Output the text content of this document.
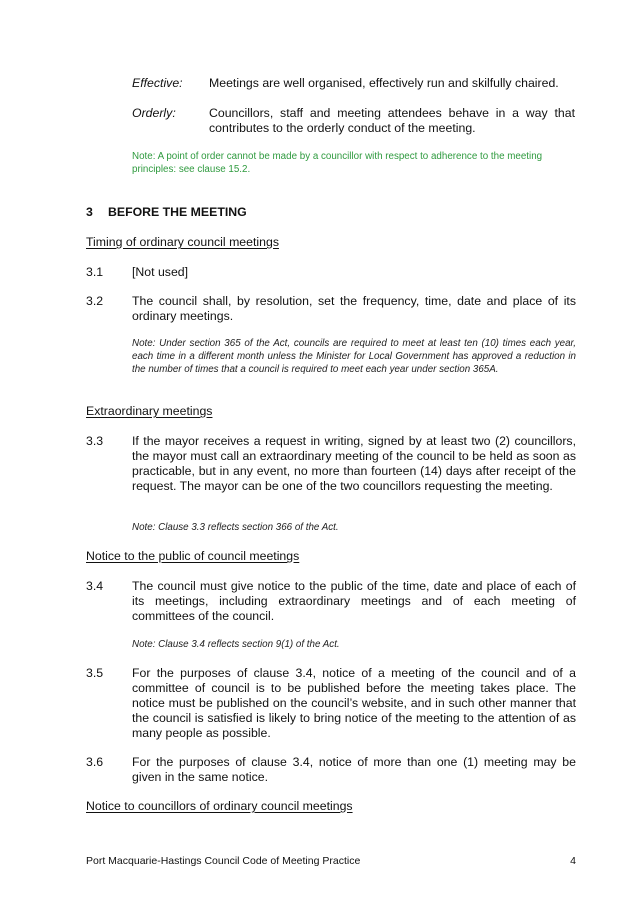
Effective:	Meetings are well organised, effectively run and skilfully chaired.
Orderly:	Councillors, staff and meeting attendees behave in a way that contributes to the orderly conduct of the meeting.
Note: A point of order cannot be made by a councillor with respect to adherence to the meeting principles: see clause 15.2.
3 BEFORE THE MEETING
Timing of ordinary council meetings
3.1 [Not used]
3.2 The council shall, by resolution, set the frequency, time, date and place of its ordinary meetings.
Note: Under section 365 of the Act, councils are required to meet at least ten (10) times each year, each time in a different month unless the Minister for Local Government has approved a reduction in the number of times that a council is required to meet each year under section 365A.
Extraordinary meetings
3.3 If the mayor receives a request in writing, signed by at least two (2) councillors, the mayor must call an extraordinary meeting of the council to be held as soon as practicable, but in any event, no more than fourteen (14) days after receipt of the request. The mayor can be one of the two councillors requesting the meeting.
Note: Clause 3.3 reflects section 366 of the Act.
Notice to the public of council meetings
3.4 The council must give notice to the public of the time, date and place of each of its meetings, including extraordinary meetings and of each meeting of committees of the council.
Note: Clause 3.4 reflects section 9(1) of the Act.
3.5 For the purposes of clause 3.4, notice of a meeting of the council and of a committee of council is to be published before the meeting takes place. The notice must be published on the council’s website, and in such other manner that the council is satisfied is likely to bring notice of the meeting to the attention of as many people as possible.
3.6 For the purposes of clause 3.4, notice of more than one (1) meeting may be given in the same notice.
Notice to councillors of ordinary council meetings
Port Macquarie-Hastings Council Code of Meeting Practice	4
